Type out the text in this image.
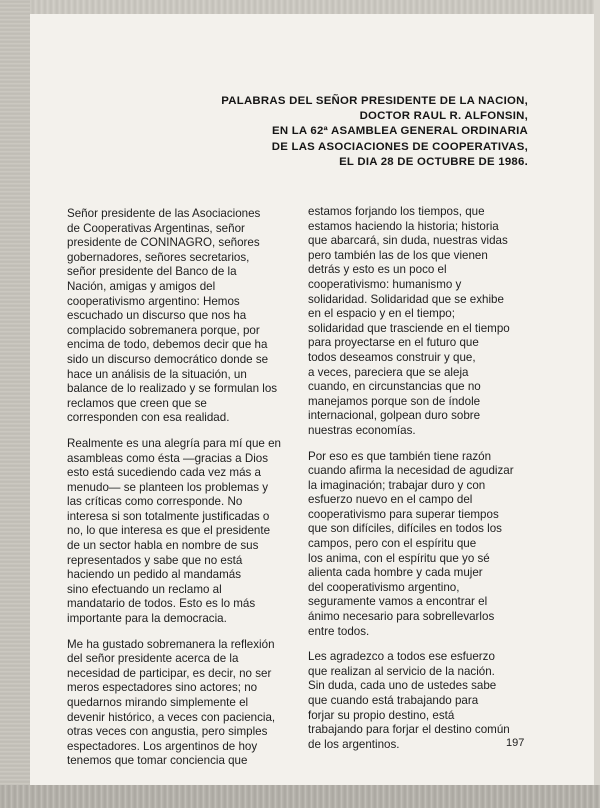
PALABRAS DEL SEÑOR PRESIDENTE DE LA NACION,
DOCTOR RAUL R. ALFONSIN,
EN LA 62ª ASAMBLEA GENERAL ORDINARIA
DE LAS ASOCIACIONES DE COOPERATIVAS,
EL DIA 28 DE OCTUBRE DE 1986.
Señor presidente de las Asociaciones
de Cooperativas Argentinas, señor
presidente de CONINAGRO, señores
gobernadores, señores secretarios,
señor presidente del Banco de la
Nación, amigas y amigos del
cooperativismo argentino: Hemos
escuchado un discurso que nos ha
complacido sobremanera porque, por
encima de todo, debemos decir que ha
sido un discurso democrático donde se
hace un análisis de la situación, un
balance de lo realizado y se formulan los
reclamos que creen que se
corresponden con esa realidad.
Realmente es una alegría para mí que en
asambleas como ésta —gracias a Dios
esto está sucediendo cada vez más a
menudo— se planteen los problemas y
las críticas como corresponde. No
interesa si son totalmente justificadas o
no, lo que interesa es que el presidente
de un sector habla en nombre de sus
representados y sabe que no está
haciendo un pedido al mandamás
sino efectuando un reclamo al
mandatario de todos. Esto es lo más
importante para la democracia.
Me ha gustado sobremanera la reflexión
del señor presidente acerca de la
necesidad de participar, es decir, no ser
meros espectadores sino actores; no
quedarnos mirando simplemente el
devenir histórico, a veces con paciencia,
otras veces con angustia, pero simples
espectadores. Los argentinos de hoy
tenemos que tomar conciencia que
estamos forjando los tiempos, que
estamos haciendo la historia; historia
que abarcará, sin duda, nuestras vidas
pero también las de los que vienen
detrás y esto es un poco el
cooperativismo: humanismo y
solidaridad. Solidaridad que se exhibe
en el espacio y en el tiempo;
solidaridad que trasciende en el tiempo
para proyectarse en el futuro que
todos deseamos construir y que,
a veces, pareciera que se aleja
cuando, en circunstancias que no
manejamos porque son de índole
internacional, golpean duro sobre
nuestras economías.
Por eso es que también tiene razón
cuando afirma la necesidad de agudizar
la imaginación; trabajar duro y con
esfuerzo nuevo en el campo del
cooperativismo para superar tiempos
que son difíciles, difíciles en todos los
campos, pero con el espíritu que
los anima, con el espíritu que yo sé
alienta cada hombre y cada mujer
del cooperativismo argentino,
seguramente vamos a encontrar el
ánimo necesario para sobrellevarlos
entre todos.
Les agradezco a todos ese esfuerzo
que realizan al servicio de la nación.
Sin duda, cada uno de ustedes sabe
que cuando está trabajando para
forjar su propio destino, está
trabajando para forjar el destino común
de los argentinos.	197
